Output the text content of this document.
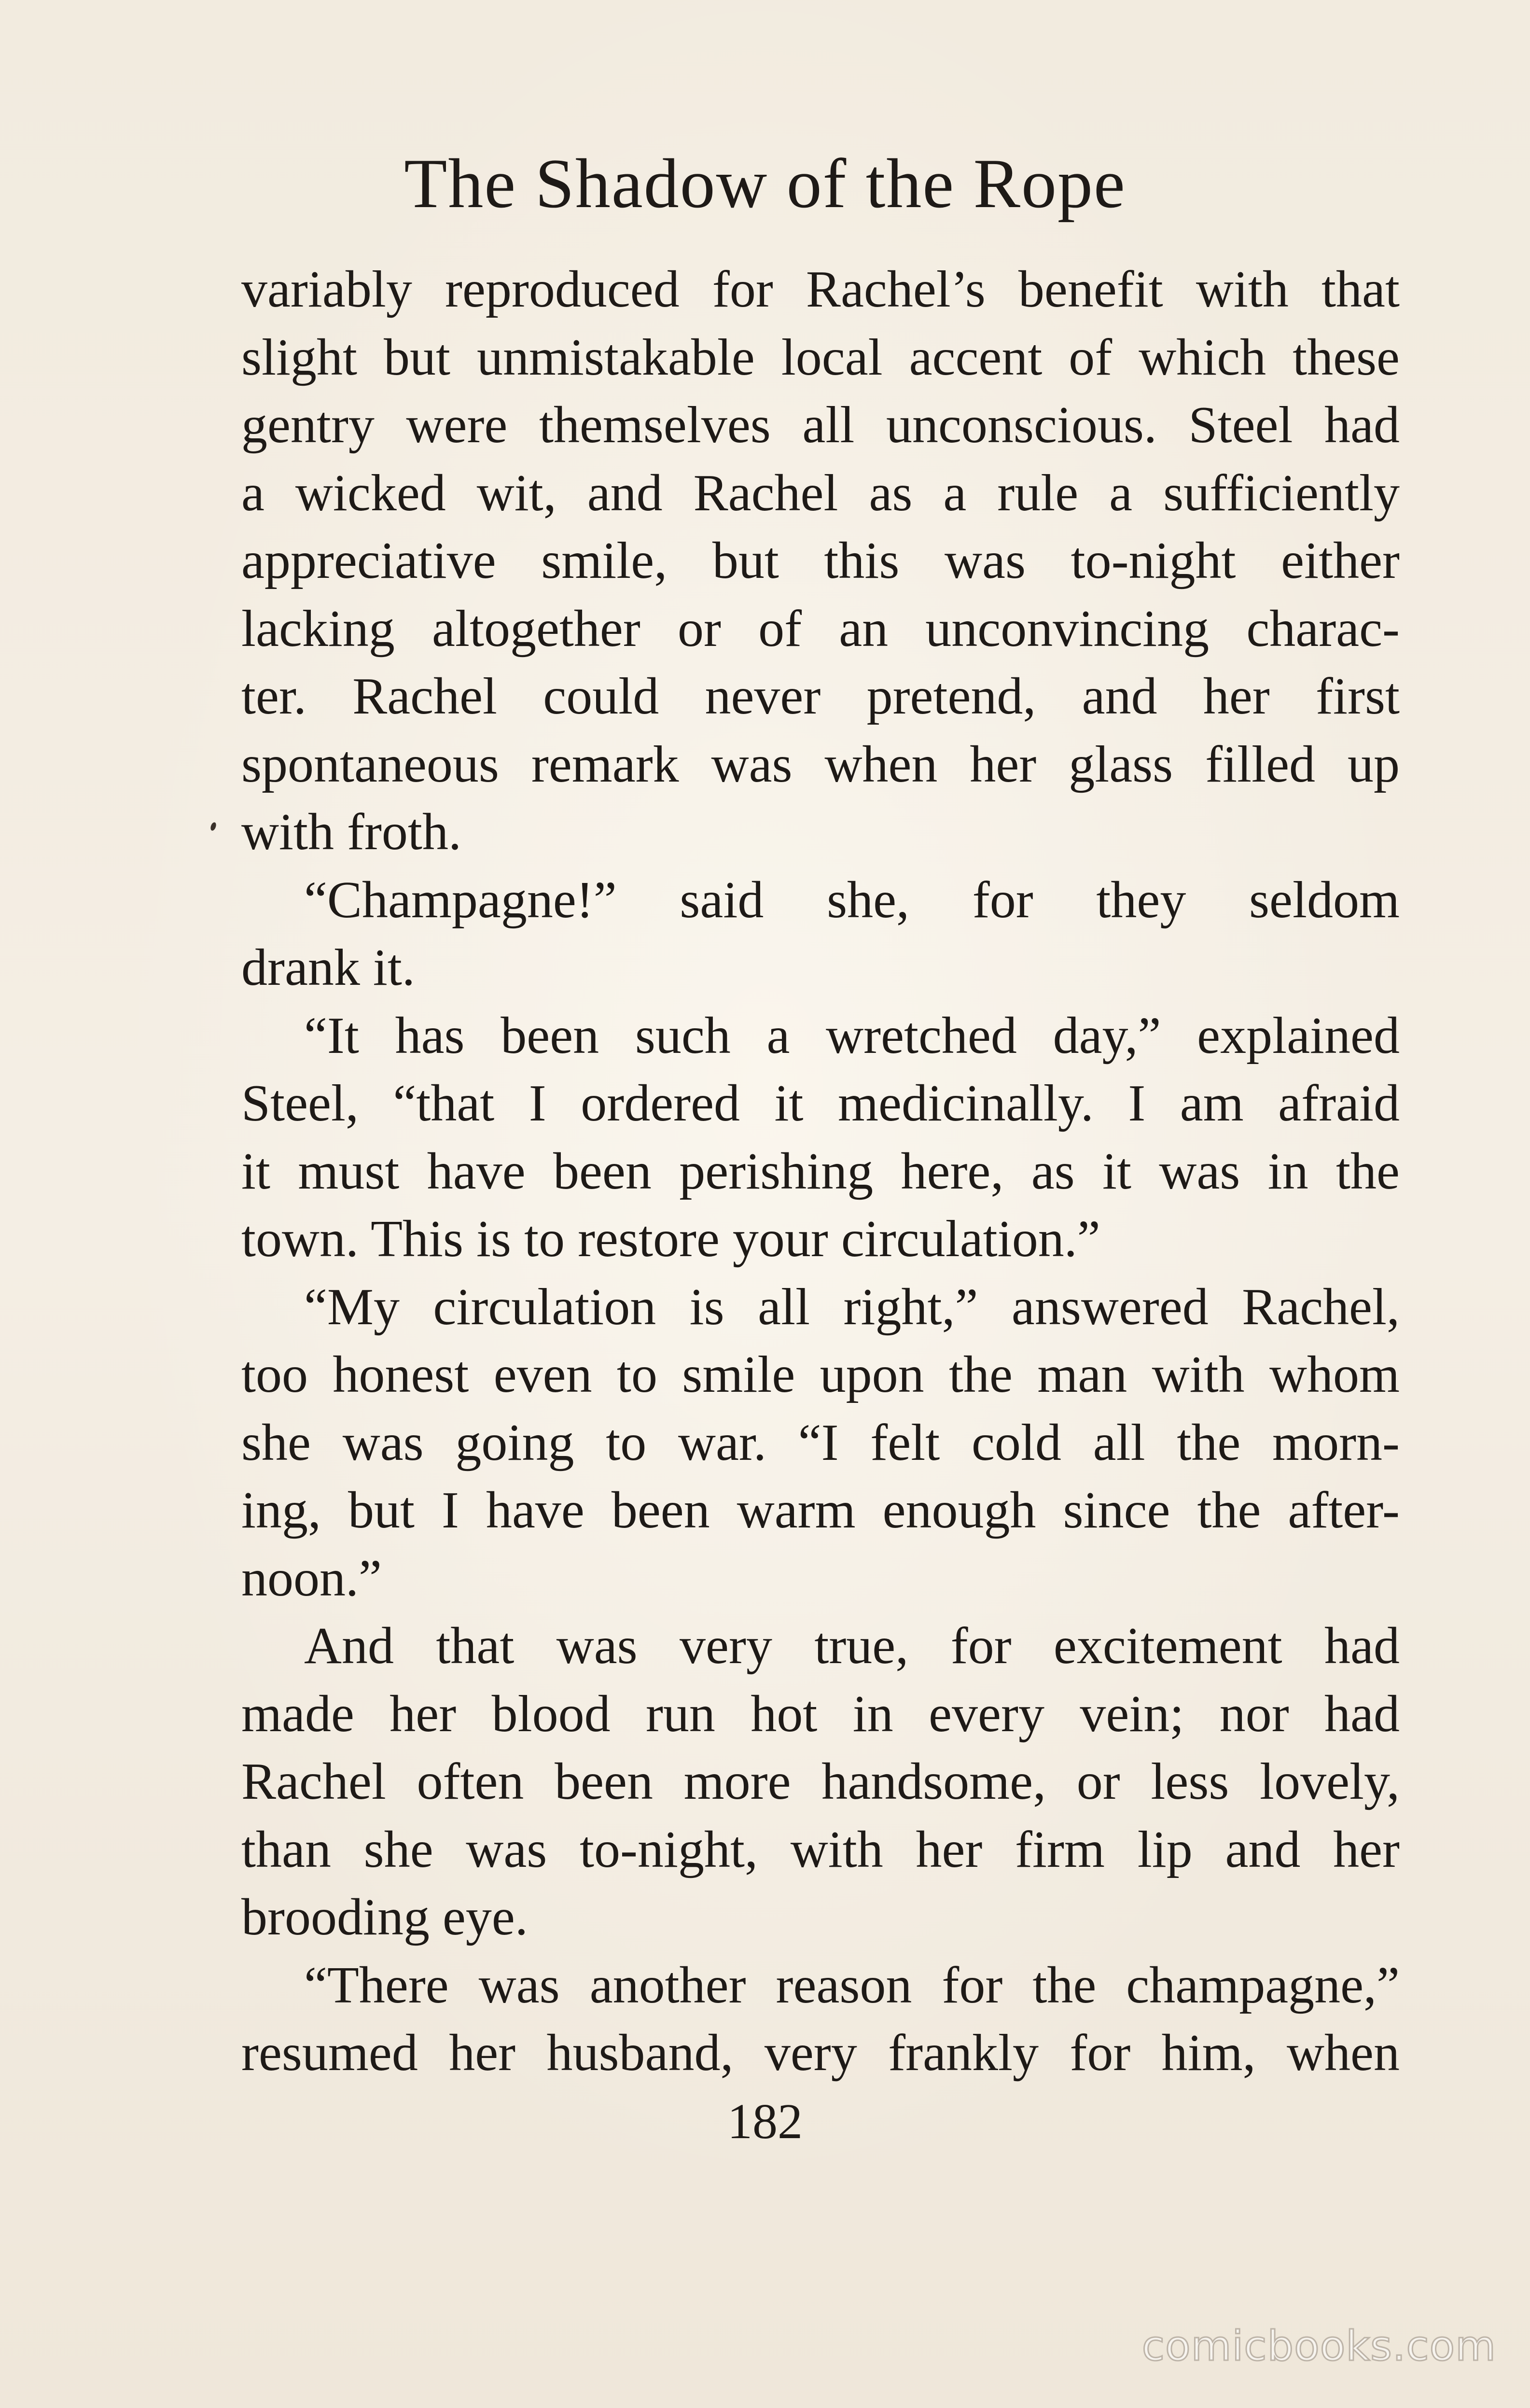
The Shadow of the Rope
variably reproduced for Rachel’s benefit with that
slight but unmistakable local accent of which these
gentry were themselves all unconscious. Steel had
a wicked wit, and Rachel as a rule a sufficiently
appreciative smile, but this was to-night either
lacking altogether or of an unconvincing charac-
ter. Rachel could never pretend, and her first
spontaneous remark was when her glass filled up
with froth.
“Champagne!” said she, for they seldom
drank it.
“It has been such a wretched day,” explained
Steel, “that I ordered it medicinally. I am afraid
it must have been perishing here, as it was in the
town. This is to restore your circulation.”
“My circulation is all right,” answered Rachel,
too honest even to smile upon the man with whom
she was going to war. “I felt cold all the morn-
ing, but I have been warm enough since the after-
noon.”
And that was very true, for excitement had
made her blood run hot in every vein; nor had
Rachel often been more handsome, or less lovely,
than she was to-night, with her firm lip and her
brooding eye.
“There was another reason for the champagne,”
resumed her husband, very frankly for him, when
182
comicbooks.com
